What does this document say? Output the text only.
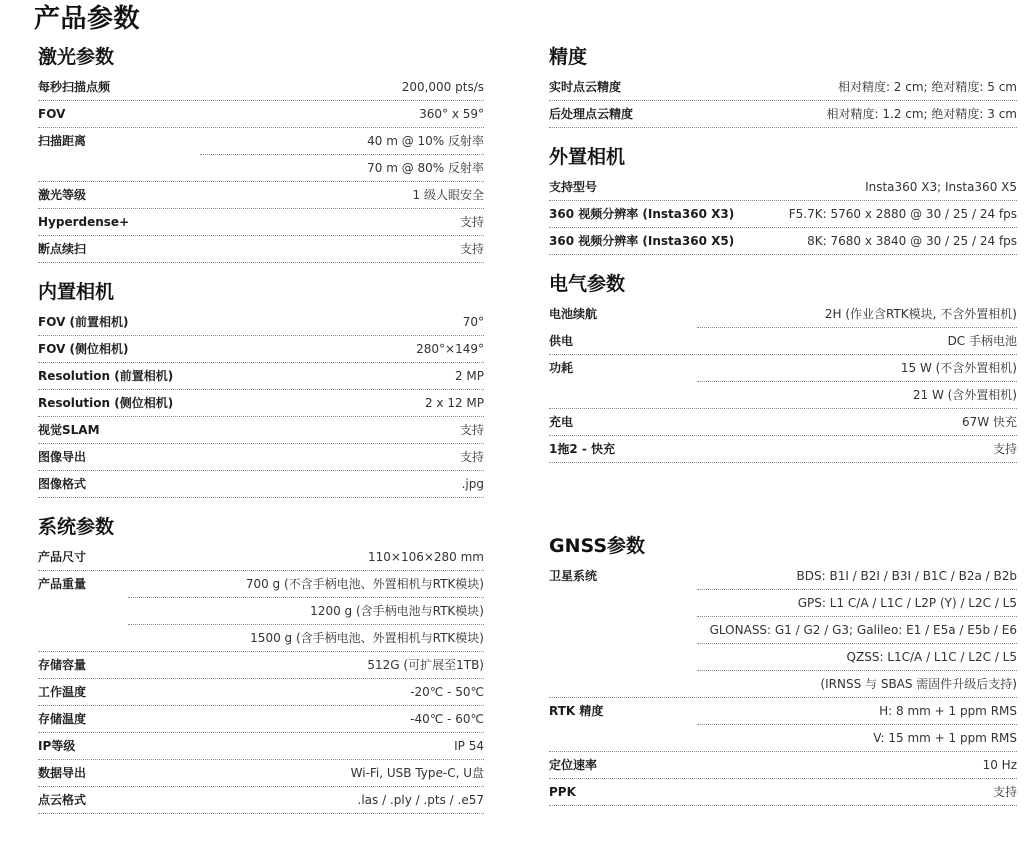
产品参数
激光参数
每秒扫描点频	200,000 pts/s
FOV	360° x 59°
扫描距离	40 m @ 10% 反射率
70 m @ 80% 反射率
激光等级	1 级人眼安全
Hyperdense+	支持
断点续扫	支持
内置相机
FOV (前置相机)	70°
FOV (侧位相机)	280°×149°
Resolution (前置相机)	2 MP
Resolution (侧位相机)	2 x 12 MP
视觉SLAM	支持
图像导出	支持
图像格式	.jpg
系统参数
产品尺寸	110×106×280 mm
产品重量	700 g (不含手柄电池、外置相机与RTK模块)
1200 g (含手柄电池与RTK模块)
1500 g (含手柄电池、外置相机与RTK模块)
存储容量	512G (可扩展至1TB)
工作温度	-20℃ - 50℃
存储温度	-40℃ - 60℃
IP等级	IP 54
数据导出	Wi-Fi, USB Type-C, U盘
点云格式	.las / .ply / .pts / .e57
精度
实时点云精度	相对精度: 2 cm; 绝对精度: 5 cm
后处理点云精度	相对精度: 1.2 cm; 绝对精度: 3 cm
外置相机
支持型号	Insta360 X3; Insta360 X5
360 视频分辨率 (Insta360 X3)	F5.7K: 5760 x 2880 @ 30 / 25 / 24 fps
360 视频分辨率 (Insta360 X5)	8K: 7680 x 3840 @ 30 / 25 / 24 fps
电气参数
电池续航	2H (作业含RTK模块, 不含外置相机)
供电	DC 手柄电池
功耗	15 W (不含外置相机)
21 W (含外置相机)
充电	67W 快充
1拖2 - 快充	支持
GNSS参数
卫星系统	BDS: B1I / B2I / B3I / B1C / B2a / B2b
GPS: L1 C/A / L1C / L2P (Y) / L2C / L5
GLONASS: G1 / G2 / G3; Galileo: E1 / E5a / E5b / E6
QZSS: L1C/A / L1C / L2C / L5
(IRNSS 与 SBAS 需固件升级后支持)
RTK 精度	H: 8 mm + 1 ppm RMS
V: 15 mm + 1 ppm RMS
定位速率	10 Hz
PPK	支持
